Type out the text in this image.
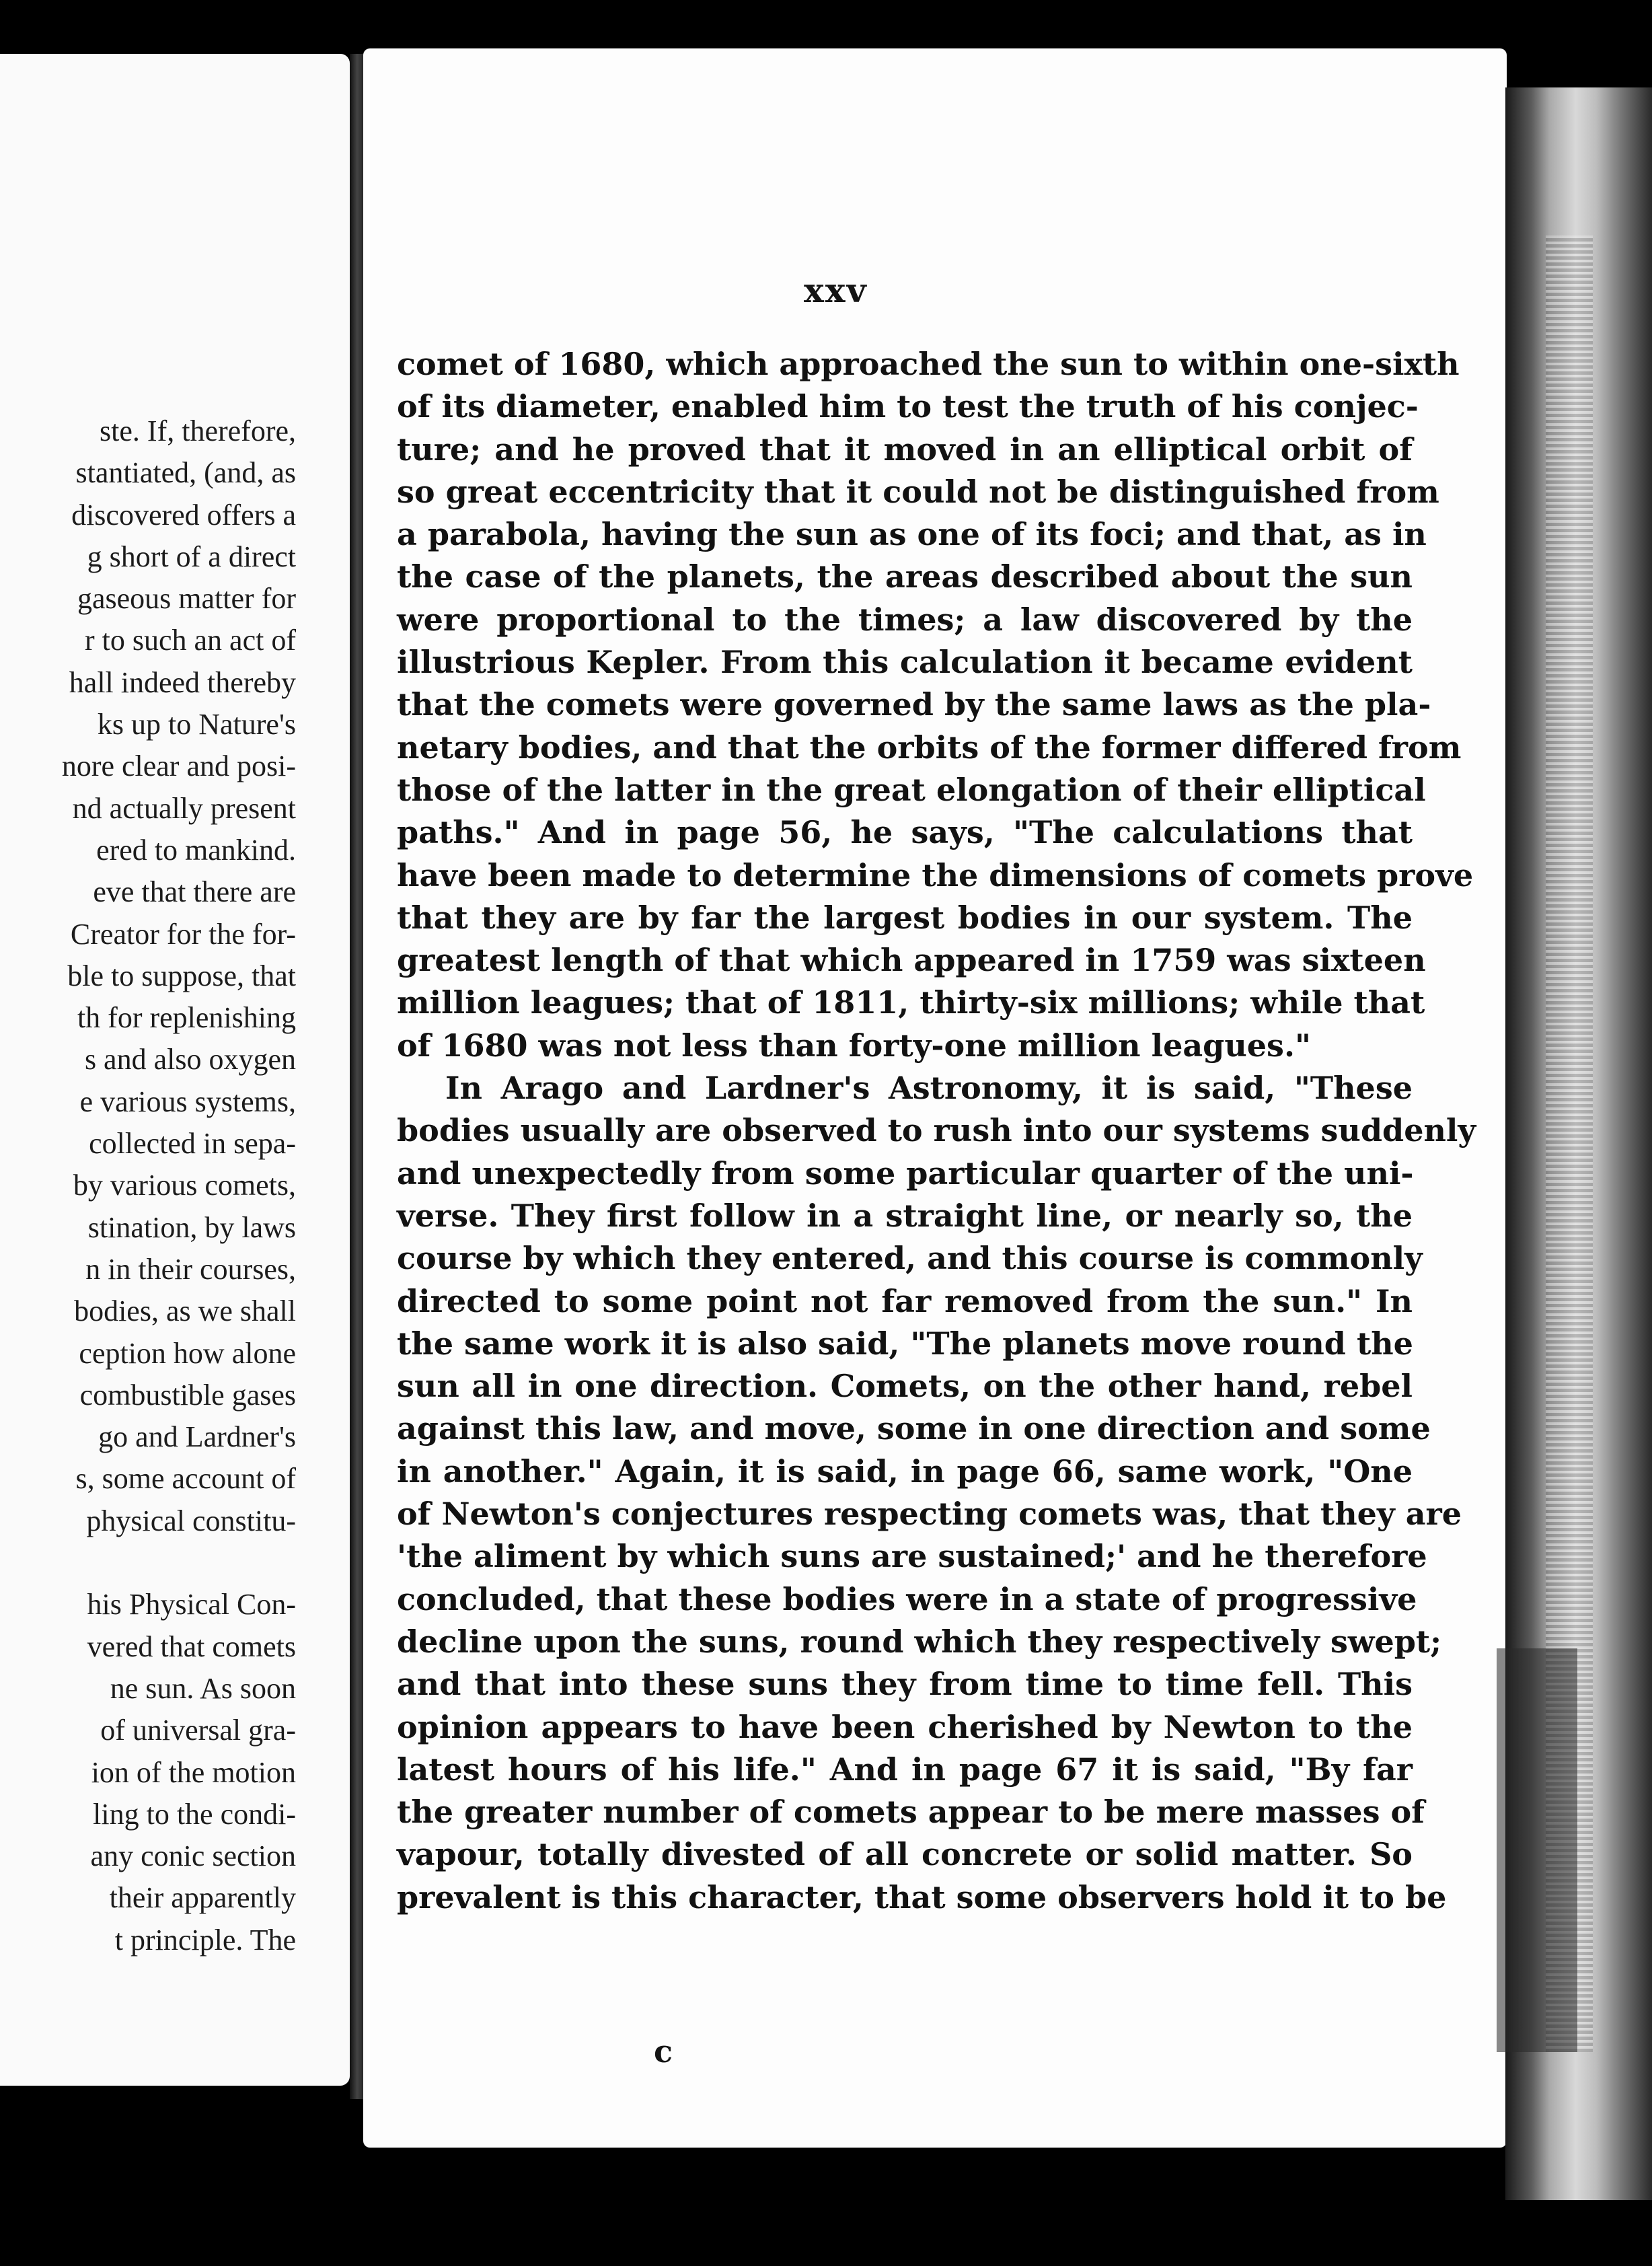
ste. If, therefore,
stantiated, (and, as
discovered offers a
g short of a direct
gaseous matter for
r to such an act of
hall indeed thereby
ks up to Nature's
nore clear and posi-
nd actually present
ered to mankind.
eve that there are
Creator for the for-
ble to suppose, that
th for replenishing
s and also oxygen
e various systems,
collected in sepa-
by various comets,
stination, by laws
n in their courses,
bodies, as we shall
ception how alone
combustible gases
go and Lardner's
s, some account of
physical constitu-

his Physical Con-
vered that comets
ne sun. As soon
of universal gra-
ion of the motion
ling to the condi-
any conic section
their apparently
t principle. The
xxv
comet of 1680, which approached the sun to within one-sixth
of its diameter, enabled him to test the truth of his conjec-
ture; and he proved that it moved in an elliptical orbit of
so great eccentricity that it could not be distinguished from
a parabola, having the sun as one of its foci; and that, as in
the case of the planets, the areas described about the sun
were proportional to the times; a law discovered by the
illustrious Kepler. From this calculation it became evident
that the comets were governed by the same laws as the pla-
netary bodies, and that the orbits of the former differed from
those of the latter in the great elongation of their elliptical
paths." And in page 56, he says, "The calculations that
have been made to determine the dimensions of comets prove
that they are by far the largest bodies in our system. The
greatest length of that which appeared in 1759 was sixteen
million leagues; that of 1811, thirty-six millions; while that
of 1680 was not less than forty-one million leagues."
In Arago and Lardner's Astronomy, it is said, "These
bodies usually are observed to rush into our systems suddenly
and unexpectedly from some particular quarter of the uni-
verse. They first follow in a straight line, or nearly so, the
course by which they entered, and this course is commonly
directed to some point not far removed from the sun." In
the same work it is also said, "The planets move round the
sun all in one direction. Comets, on the other hand, rebel
against this law, and move, some in one direction and some
in another." Again, it is said, in page 66, same work, "One
of Newton's conjectures respecting comets was, that they are
'the aliment by which suns are sustained;' and he therefore
concluded, that these bodies were in a state of progressive
decline upon the suns, round which they respectively swept;
and that into these suns they from time to time fell. This
opinion appears to have been cherished by Newton to the
latest hours of his life." And in page 67 it is said, "By far
the greater number of comets appear to be mere masses of
vapour, totally divested of all concrete or solid matter. So
prevalent is this character, that some observers hold it to be
c
